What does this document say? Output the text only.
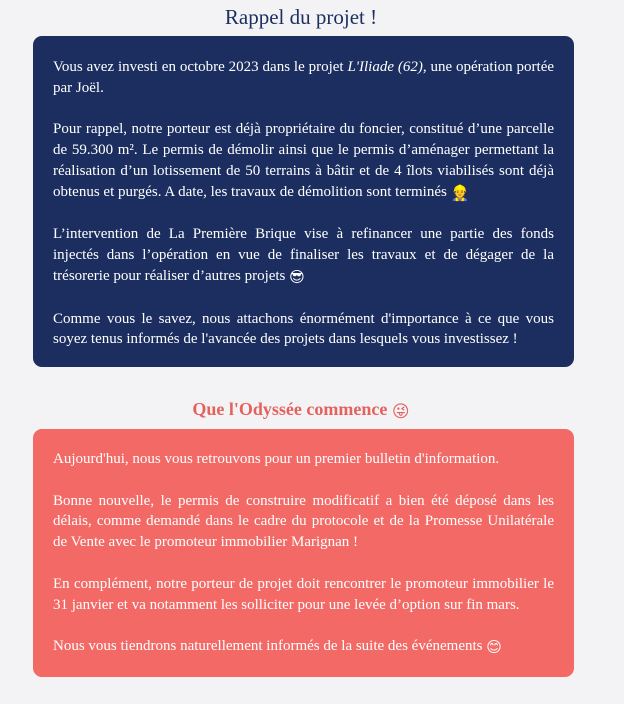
Rappel du projet !

Vous avez investi en octobre 2023 dans le projet L'Iliade (62), une opération portée par Joël.

Pour rappel, notre porteur est déjà propriétaire du foncier, constitué d’une parcelle de 59.300 m². Le permis de démolir ainsi que le permis d’aménager permettant la réalisation d’un lotissement de 50 terrains à bâtir et de 4 îlots viabilisés sont déjà obtenus et purgés. A date, les travaux de démolition sont terminés 👷

L’intervention de La Première Brique vise à refinancer une partie des fonds injectés dans l’opération en vue de finaliser les travaux et de dégager de la trésorerie pour réaliser d’autres projets 😎

Comme vous le savez, nous attachons énormément d'importance à ce que vous soyez tenus informés de l'avancée des projets dans lesquels vous investissez !

Que l'Odyssée commence 😜

Aujourd'hui, nous vous retrouvons pour un premier bulletin d'information.

Bonne nouvelle, le permis de construire modificatif a bien été déposé dans les délais, comme demandé dans le cadre du protocole et de la Promesse Unilatérale de Vente avec le promoteur immobilier Marignan !

En complément, notre porteur de projet doit rencontrer le promoteur immobilier le 31 janvier et va notamment les solliciter pour une levée d’option sur fin mars.

Nous vous tiendrons naturellement informés de la suite des événements 😊
